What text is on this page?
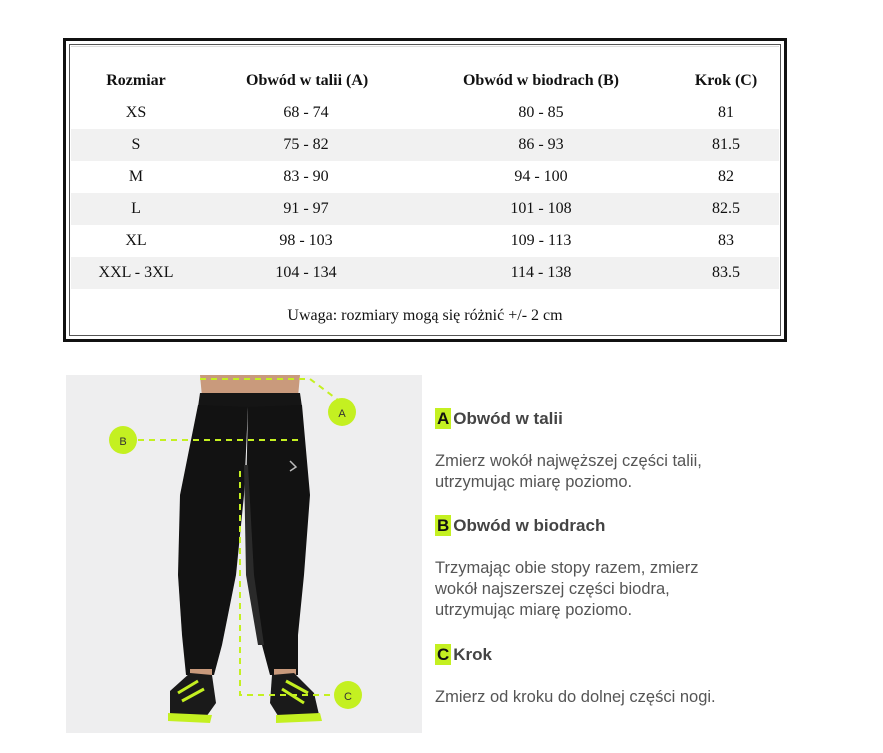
Rozmiar	Obwód w talii (A)	Obwód w biodrach (B)	Krok (C)
XS	68 - 74	80 - 85	81
S	75 - 82	86 - 93	81.5
M	83 - 90	94 - 100	82
L	91 - 97	101 - 108	82.5
XL	98 - 103	109 - 113	83
XXL - 3XL	104 - 134	114 - 138	83.5
Uwaga: rozmiary mogą się różnić +/- 2 cm
A
B
C
A Obwód w talii
Zmierz wokół najwęższej części talii,
utrzymując miarę poziomo.
B Obwód w biodrach
Trzymając obie stopy razem, zmierz
wokół najszerszej części biodra,
utrzymując miarę poziomo.
C Krok
Zmierz od kroku do dolnej części nogi.
